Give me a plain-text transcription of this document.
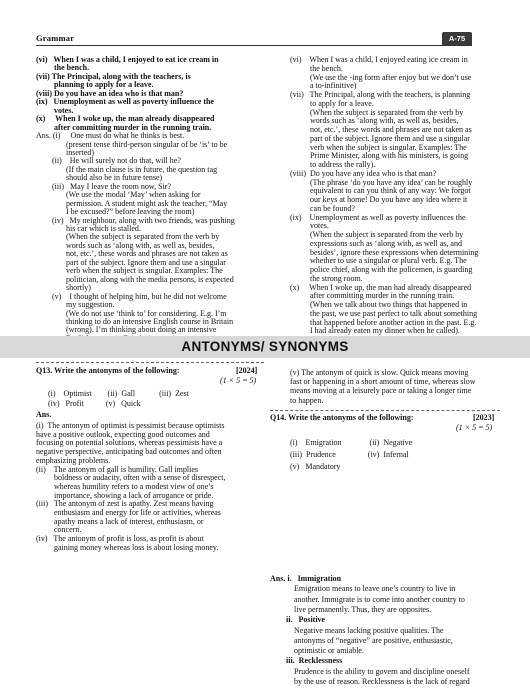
Grammar	A-75
(vi)   When I was a child, I enjoyed to eat ice cream in
the bench.
(vii) The Principal, along with the teachers, is
planning to apply for a leave.
(viii) Do you have an idea who is that man?
(ix)   Unemployment as well as poverty influence the
votes.
(x)     When I woke up, the man already disappeared
after committing murder in the running train.
Ans. (i)     One must do what he thinks is best.
(present tense third-person singular of be ‘is’ to be
inserted)
(ii)    He will surely not do that, will he?
(If the main clause is in future, the question tag
should also be in future tense)
(iii)   May I leave the room now, Sir?
(We use the modal ‘May’ when asking for
permission. A student might ask the teacher, “May
I be excused?” before leaving the room)
(iv)   My neighbour, along with two friends, was pushing
his car which is stalled.
(When the subject is separated from the verb by
words such as ‘along with, as well as, besides,
not, etc.’, these words and phrases are not taken as
part of the subject. Ignore them and use a singular
verb when the subject is singular. Examples: The
politician, along with the media persons, is expected
shortly)
(v)    I thought of helping him, but he did not welcome
my suggestion.
(We do not use ‘think to’ for considering. E.g. I’m
thinking to do an intensive English course in Britain
(wrong). I’m thinking about doing an intensive
(vi)    When I was a child, I enjoyed eating ice cream in
the bench.
(We use the -ing form after enjoy but we don’t use
a to-infinitive)
(vii)   The Principal, along with the teachers, is planning
to apply for a leave.
(When the subject is separated from the verb by
words such as ‘along with, as well as, besides,
not, etc.’, these words and phrases are not taken as
part of the subject. Ignore them and use a singular
verb when the subject is singular. Examples: The
Prime Minister, along with his ministers, is going
to address the rally).
(viii)  Do you have any idea who is that man?
(The phrase ‘do you have any idea’ can be roughly
equivalent to can you think of any way: We forgot
our keys at home! Do you have any idea where it
can be found?
(ix)    Unemployment as well as poverty influences the
votes.
(When the subject is separated from the verb by
expressions such as ‘along with, as well as, and
besides’, ignore these expressions when determining
whether to use a singular or plural verb. E.g. The
police chief, along with the policemen, is guarding
the strong room.
(x)     When I woke up, the man had already disappeared
after committing murder in the running train.
(When we talk about two things that happened in
the past, we use past perfect to talk about something
that happened before another action in the past. E.g.
I had already eaten my dinner when he called).
ANTONYMS/ SYNONYMS
Q13. Write the antonyms of the following:	[2024]
(1 × 5 = 5)
(i)    Optimist        (ii)  Gall            (iii)  Zest
(iv)   Profit           (v)   Quick
Ans.
(i)  The antonym of optimist is pessimist because optimists
have a positive outlook, expecting good outcomes and
focusing on potential solutions, whereas pessimists have a
negative perspective, anticipating bad outcomes and often
emphasizing problems.
(ii)    The antonym of gall is humility. Gall implies
boldness or audacity, often with a sense of disrespect,
whereas humility refers to a modest view of one’s
importance, showing a lack of arrogance or pride.
(iii)   The antonym of zest is apathy. Zest means having
enthusiasm and energy for life or activities, whereas
apathy means a lack of interest, enthusiasm, or
concern.
(iv)   The antonym of profit is loss, as profit is about
gaining money whereas loss is about losing money.
(v) The antonym of quick is slow. Quick means moving
fast or happening in a short amount of time, whereas slow
means moving at a leisurely pace or taking a longer time
to happen.
Q14. Write the antonyms of the following:	[2023]
(1 × 5 = 5)
(i)    Emigration              (ii)  Negative
(iii)  Prudence                (iv)  Infernal
(v)   Mandatory
Ans. i.   Immigration
Emigration means to leave one’s country to live in
another. Immigrate is to come into another country to
live permanently. Thus, they are opposites.
ii.   Positive
Negative means lacking positive qualities. The
antonyms of “negative” are positive, enthusiastic,
optimistic or amiable.
iii.  Recklessness
Prudence is the ability to govern and discipline oneself
by the use of reason. Recklessness is the lack of regard
